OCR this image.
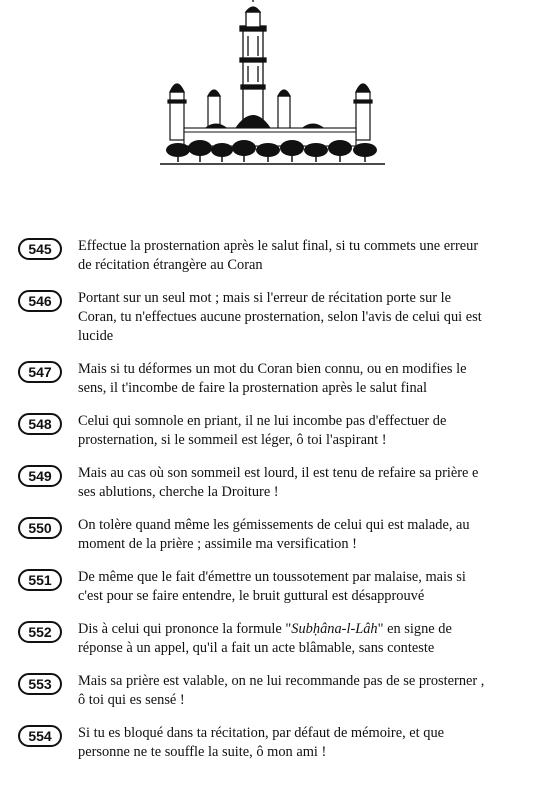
545	Effectue la prosternation après le salut final, si tu commets une erreur
de récitation étrangère au Coran
546	Portant sur un seul mot ; mais si l'erreur de récitation porte sur le
Coran, tu n'effectues aucune prosternation, selon l'avis de celui qui est
lucide
547	Mais si tu déformes un mot du Coran bien connu, ou en modifies le
sens, il t'incombe de faire la prosternation après le salut final
548	Celui qui somnole en priant, il ne lui incombe pas d'effectuer de
prosternation, si le sommeil est léger, ô toi l'aspirant !
549	Mais au cas où son sommeil est lourd, il est tenu de refaire sa prière e
ses ablutions, cherche la Droiture !
550	On tolère quand même les gémissements de celui qui est malade, au
moment de la prière ; assimile ma versification !
551	De même que le fait d'émettre un toussotement par malaise, mais si
c'est pour se faire entendre, le bruit guttural est désapprouvé
552	Dis à celui qui prononce la formule "Subḥâna-l-Lâh" en signe de
réponse à un appel, qu'il a fait un acte blâmable, sans conteste
553	Mais sa prière est valable, on ne lui recommande pas de se prosterner ,
ô toi qui es sensé !
554	Si tu es bloqué dans ta récitation, par défaut de mémoire, et que
personne ne te souffle la suite, ô mon ami !
